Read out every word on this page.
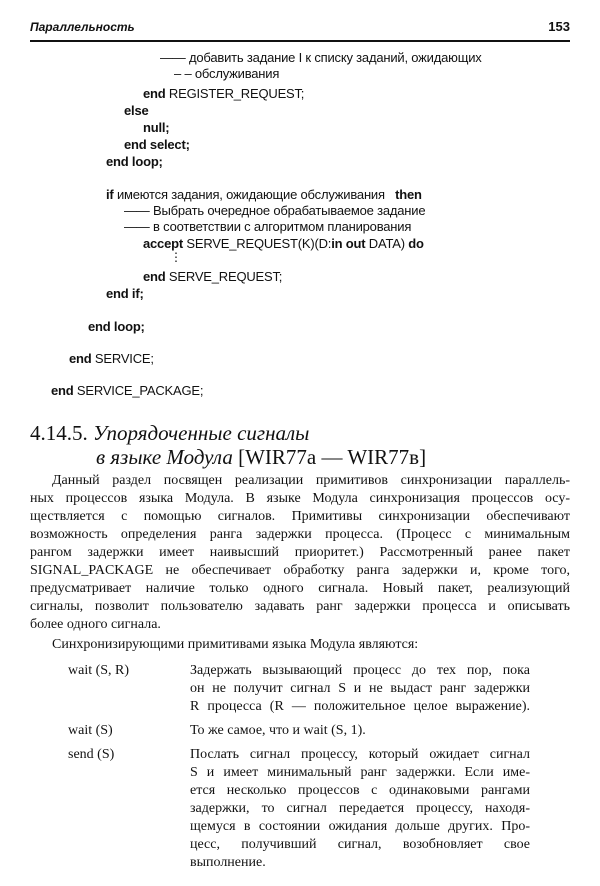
Параллельность	153
—— добавить задание I к списку заданий, ожидающих
– – обслуживания
end REGISTER_REQUEST;
else
null;
end select;
end loop;
if имеются задания, ожидающие обслуживания then
—— Выбрать очередное обрабатываемое задание
—— в соответствии с алгоритмом планирования
accept SERVE_REQUEST(K)(D:in out DATA) do
⋮
end SERVE_REQUEST;
end if;
end loop;
end SERVICE;
end SERVICE_PACKAGE;
4.14.5. Упорядоченные сигналы
в языке Модула [WIR77a — WIR77в]

Данный раздел посвящен реализации примитивов синхронизации параллель-

ных процессов языка Модула. В языке Модула синхронизация процессов осу-

ществляется с помощью сигналов. Примитивы синхронизации обеспечивают

возможность определения ранга задержки процесса. (Процесс с минимальным

рангом задержки имеет наивысший приоритет.) Рассмотренный ранее пакет

SIGNAL_PACKAGE не обеспечивает обработку ранга задержки и, кроме того,

предусматривает наличие только одного сигнала. Новый пакет, реализующий

сигналы, позволит пользователю задавать ранг задержки процесса и описывать

более одного сигнала.

Синхронизирующими примитивами языка Модула являются:

wait (S, R)	Задержать вызывающий процесс до тех пор, пока
он не получит сигнал S и не выдаст ранг задержки
R процесса (R — положительное целое выражение).
wait (S)	То же самое, что и wait (S, 1).
send (S)	Послать сигнал процессу, который ожидает сигнал
S и имеет минимальный ранг задержки. Если име-
ется несколько процессов с одинаковыми рангами
задержки, то сигнал передается процессу, находя-
щемуся в состоянии ожидания дольше других. Про-
цесс, получивший сигнал, возобновляет свое
выполнение.
